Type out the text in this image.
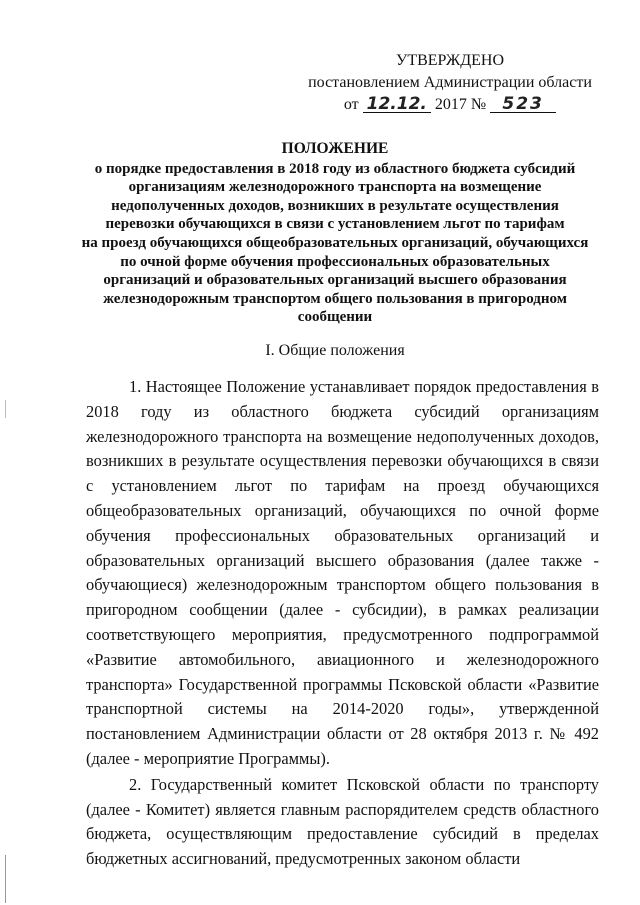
УТВЕРЖДЕНО
постановлением Администрации области
от 12.12. 2017 № 523
ПОЛОЖЕНИЕ
о порядке предоставления в 2018 году из областного бюджета субсидий
организациям железнодорожного транспорта на возмещение
недополученных доходов, возникших в результате осуществления
перевозки обучающихся в связи с установлением льгот по тарифам
на проезд обучающихся общеобразовательных организаций, обучающихся
по очной форме обучения профессиональных образовательных
организаций и образовательных организаций высшего образования
железнодорожным транспортом общего пользования в пригородном
сообщении
I. Общие положения

1. Настоящее Положение устанавливает порядок предоставления в 2018 году из областного бюджета субсидий организациям железнодорожного транспорта на возмещение недополученных доходов, возникших в результате осуществления перевозки обучающихся в связи с установлением льгот по тарифам на проезд обучающихся общеобразовательных организаций, обучающихся по очной форме обучения профессиональных образовательных организаций и образовательных организаций высшего образования (далее также - обучающиеся) железнодорожным транспортом общего пользования в пригородном сообщении (далее - субсидии), в рамках реализации соответствующего мероприятия, предусмотренного подпрограммой «Развитие автомобильного, авиационного и железнодорожного транспорта» Государственной программы Псковской области «Развитие транспортной системы на 2014-2020 годы», утвержденной постановлением Администрации области от 28 октября 2013 г. № 492 (далее - мероприятие Программы).

2. Государственный комитет Псковской области по транспорту (далее - Комитет) является главным распорядителем средств областного бюджета, осуществляющим предоставление субсидий в пределах бюджетных ассигнований, предусмотренных законом области
